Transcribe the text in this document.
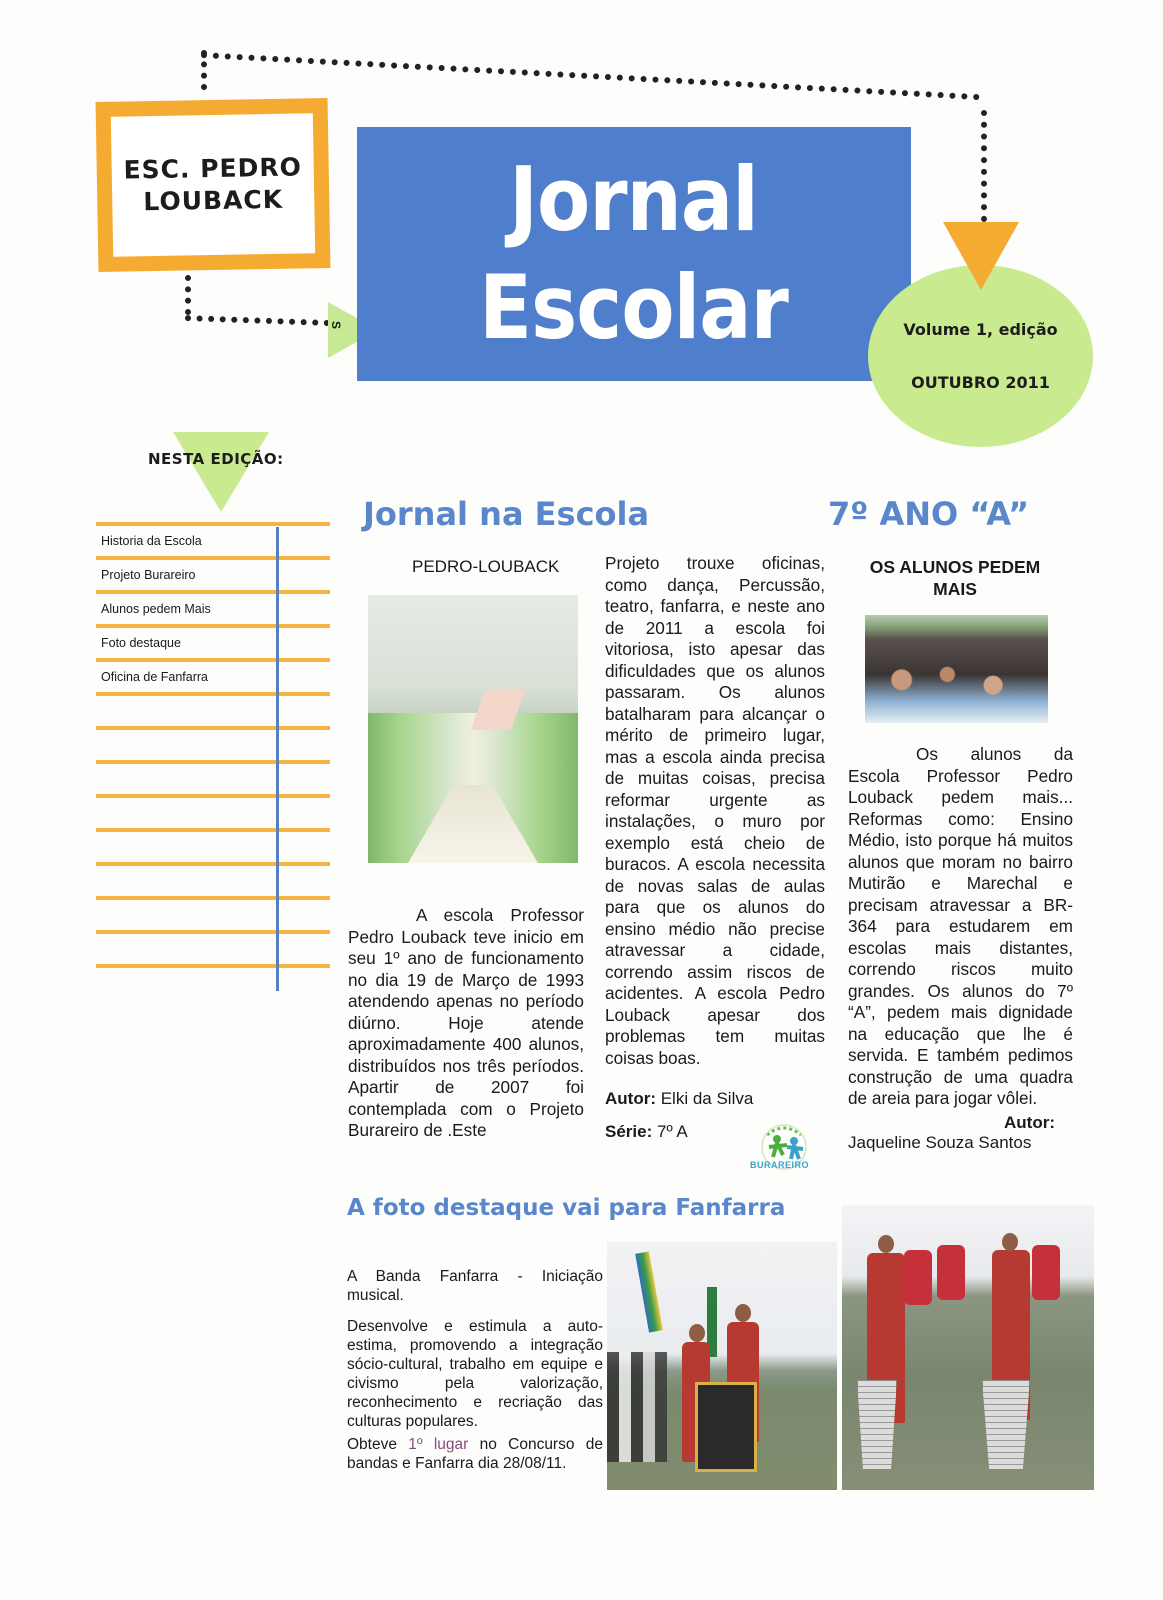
ESC. PEDRO
LOUBACK
S
Jornal
Escolar	Volume 1, edição
OUTUBRO 2011
NESTA EDIÇÃO:
Historia da Escola
Projeto Burareiro
Alunos pedem Mais
Foto destaque
Oficina de Fanfarra
Jornal na Escola
PEDRO-LOUBACK
A escola Professor Pedro Louback teve inicio em seu 1º ano de funcionamento no dia 19 de Março de 1993 atendendo apenas no período diúrno. Hoje atende aproximadamente 400 alunos, distribuídos nos três períodos. Apartir de 2007 foi contemplada com o Projeto Burareiro de .Este
Projeto trouxe oficinas, como dança, Percussão, teatro, fanfarra, e neste ano de 2011 a escola foi vitoriosa, isto apesar das dificuldades que os alunos passaram. Os alunos batalharam para alcançar o mérito de primeiro lugar, mas a escola ainda precisa de muitas coisas, precisa reformar urgente as instalações, o muro por exemplo está cheio de buracos. A escola necessita de novas salas de aulas para que os alunos do ensino médio não precise atravessar a cidade, correndo assim riscos de acidentes. A escola Pedro Louback apesar dos problemas tem muitas coisas boas.
Autor: Elki da Silva
Série: 7º A
BURAREIRO
7º ANO “A”
OS ALUNOS PEDEM MAIS
Os alunos da Escola Professor Pedro Louback pedem mais... Reformas como: Ensino Médio, isto porque há muitos alunos que moram no bairro Mutirão e Marechal e precisam atravessar a BR-364 para estudarem em escolas mais distantes, correndo riscos muito grandes. Os alunos do 7º “A”, pedem mais dignidade na educação que lhe é servida. E também pedimos construção de uma quadra de areia para jogar vôlei.
Autor:
Jaqueline Souza Santos
A foto destaque vai para Fanfarra
A Banda Fanfarra - Iniciação musical.
Desenvolve e estimula a auto-estima, promovendo a integração sócio-cultural, trabalho em equipe e civismo pela valorização, reconhecimento e recriação das culturas populares.
Obteve 1º lugar no Concurso de bandas e Fanfarra dia 28/08/11.
